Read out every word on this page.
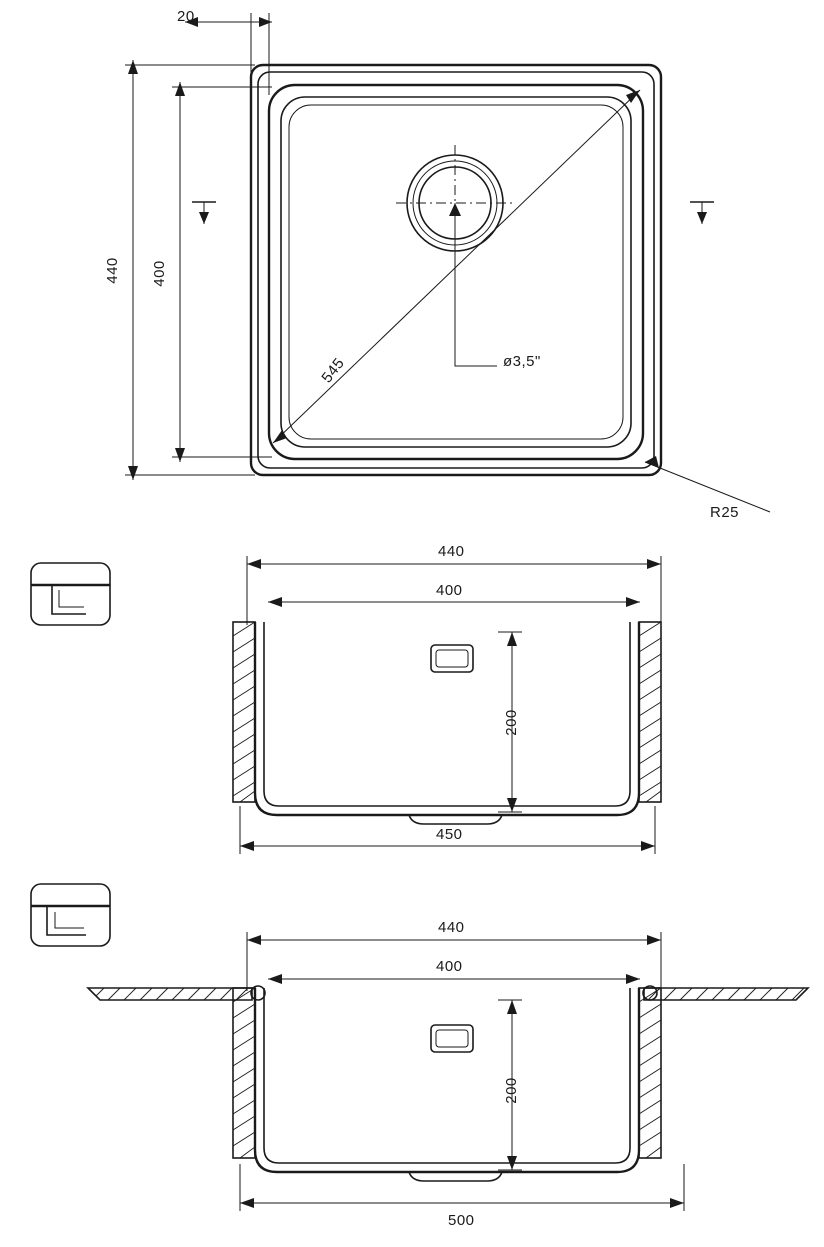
20
440 400
545	ø3,5"
R25
440
400
200
450
440
400
200
500
